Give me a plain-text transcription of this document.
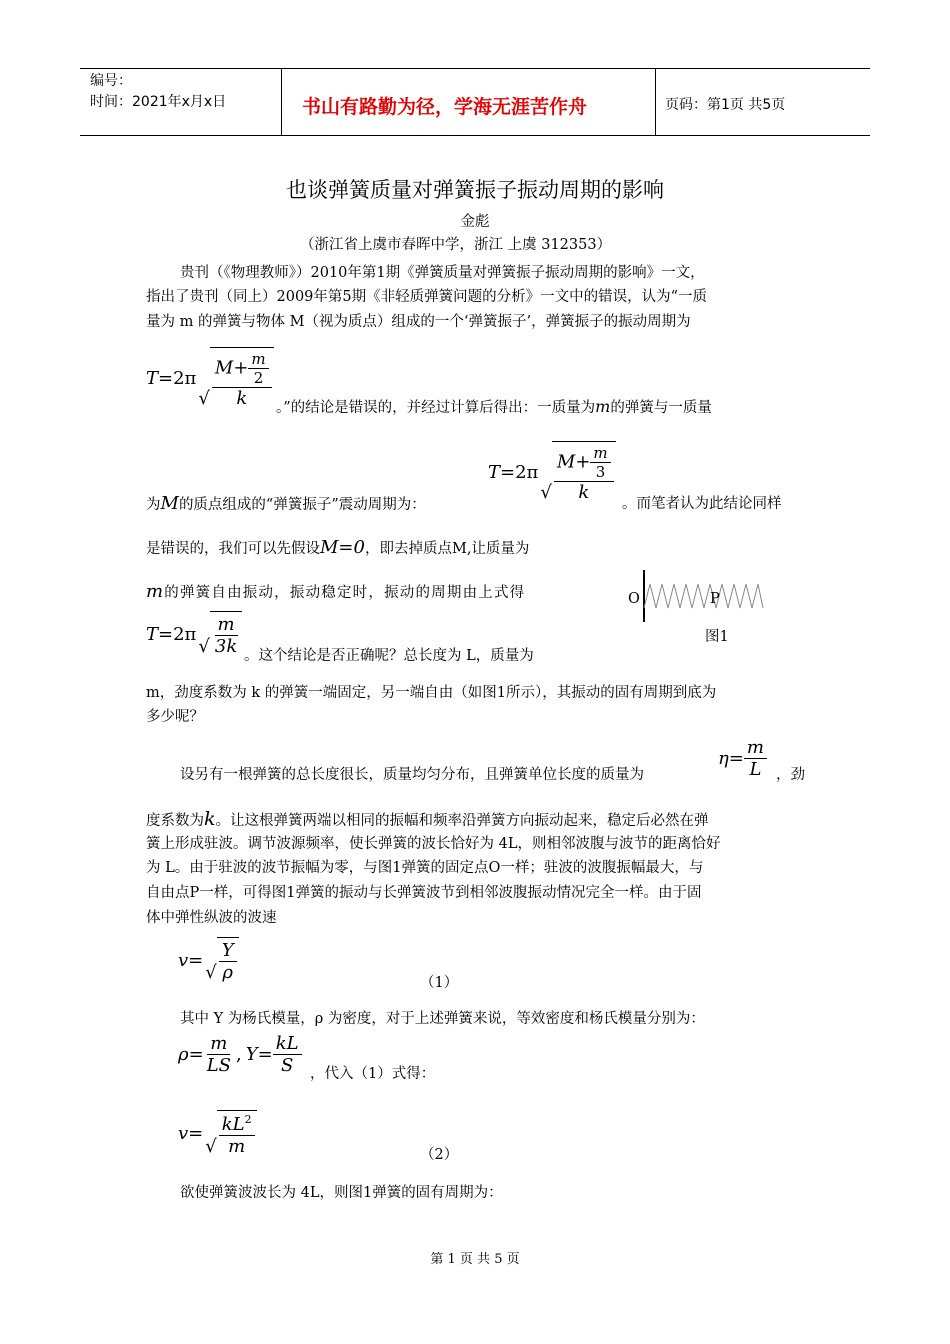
编号：
时间：2021年x月x日	书山有路勤为径，学海无涯苦作舟	页码：第1页 共5页
也谈弹簧质量对弹簧振子振动周期的影响
金彪
（浙江省上虞市春晖中学，浙江 上虞 312353）
贵刊（《物理教师》）2010年第1期《弹簧质量对弹簧振子振动周期的影响》一文，
指出了贵刊（同上）2009年第5期《非轻质弹簧问题的分析》一文中的错误，认为“一质
量为 m 的弹簧与物体 M（视为质点）组成的一个‘弹簧振子’，弹簧振子的振动周期为
T = 2π
√ $\frac{M+ \frac{m}{2}}{k}$ 。”的结论是错误的，并经过计算后得出：一质量为m的弹簧与一质量
为M的质点组成的“弹簧振子”震动周期为：
T = 2π
√ $\frac{M+ \frac{m}{3}}{k}$
。而笔者认为此结论同样
是错误的，我们可以先假设M=0，即去掉质点M,让质量为
m的弹簧自由振动，振动稳定时，振动的周期由上式得
T = 2π
√ $\frac{m}{3k}$ 。这个结论是否正确呢？总长度为 L，质量为
O	P
图1
m，劲度系数为 k 的弹簧一端固定，另一端自由（如图1所示），其振动的固有周期到底为
多少呢？
设另有一根弹簧的总长度很长，质量均匀分布，且弹簧单位长度的质量为
$\eta = \frac{m}{L}$ ，劲
度系数为k。让这根弹簧两端以相同的振幅和频率沿弹簧方向振动起来，稳定后必然在弹
簧上形成驻波。调节波源频率，使长弹簧的波长恰好为 4L，则相邻波腹与波节的距离恰好
为 L。由于驻波的波节振幅为零，与图1弹簧的固定点O一样；驻波的波腹振幅最大，与
自由点P一样，可得图1弹簧的振动与长弹簧波节到相邻波腹振动情况完全一样。由于固
体中弹性纵波的波速
v =
√ $\frac{Y}{\rho}$	（1）
其中 Y 为杨氏模量，ρ 为密度，对于上述弹簧来说，等效密度和杨氏模量分别为：
$\rho = \frac{m}{LS}$ , $Y = \frac{kL}{S}$ ，代入（1）式得：
v =
√ $\frac{kL^2}{m}$	（2）
欲使弹簧波波长为 4L，则图1弹簧的固有周期为：
第 1 页 共 5 页
